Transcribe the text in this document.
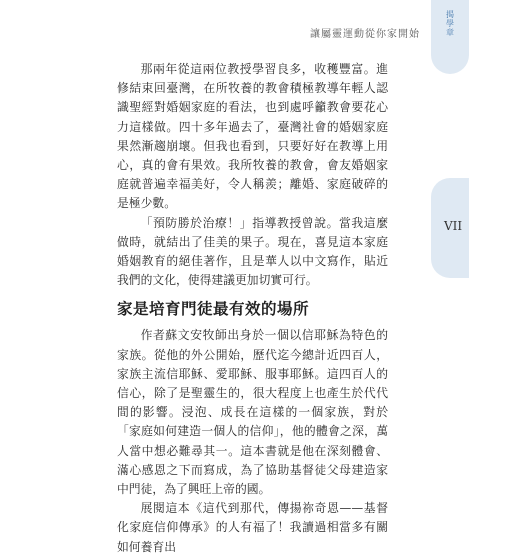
讓屬靈運動從你家開始
揭
學
章
VII

那兩年從這兩位教授學習良多，收穫豐富。進修結束回臺灣，在所牧養的教會積極教導年輕人認識聖經對婚姻家庭的看法，也到處呼籲教會要花心力這樣做。四十多年過去了，臺灣社會的婚姻家庭果然漸趨崩壞。但我也看到，只要好好在教導上用心，真的會有果效。我所牧養的教會，會友婚姻家庭就普遍幸福美好，令人稱羨；離婚、家庭破碎的是極少數。

「預防勝於治療！」指導教授曾說。當我這麼做時，就結出了佳美的果子。現在，喜見這本家庭婚姻教育的絕佳著作，且是華人以中文寫作，貼近我們的文化，使得建議更加切實可行。

家是培育門徒最有效的場所

作者蘇文安牧師出身於一個以信耶穌為特色的家族。從他的外公開始，歷代迄今總計近四百人，家族主流信耶穌、愛耶穌、服事耶穌。這四百人的信心，除了是聖靈生的，很大程度上也產生於代代間的影響。浸泡、成長在這樣的一個家族，對於「家庭如何建造一個人的信仰」，他的體會之深，萬人當中想必難尋其一。這本書就是他在深刻體會、滿心感恩之下而寫成，為了協助基督徒父母建造家中門徒，為了興旺上帝的國。

展閱這本《這代到那代，傳揚祢奇恩——基督化家庭信仰傳承》的人有福了！我讀過相當多有關如何養育出
